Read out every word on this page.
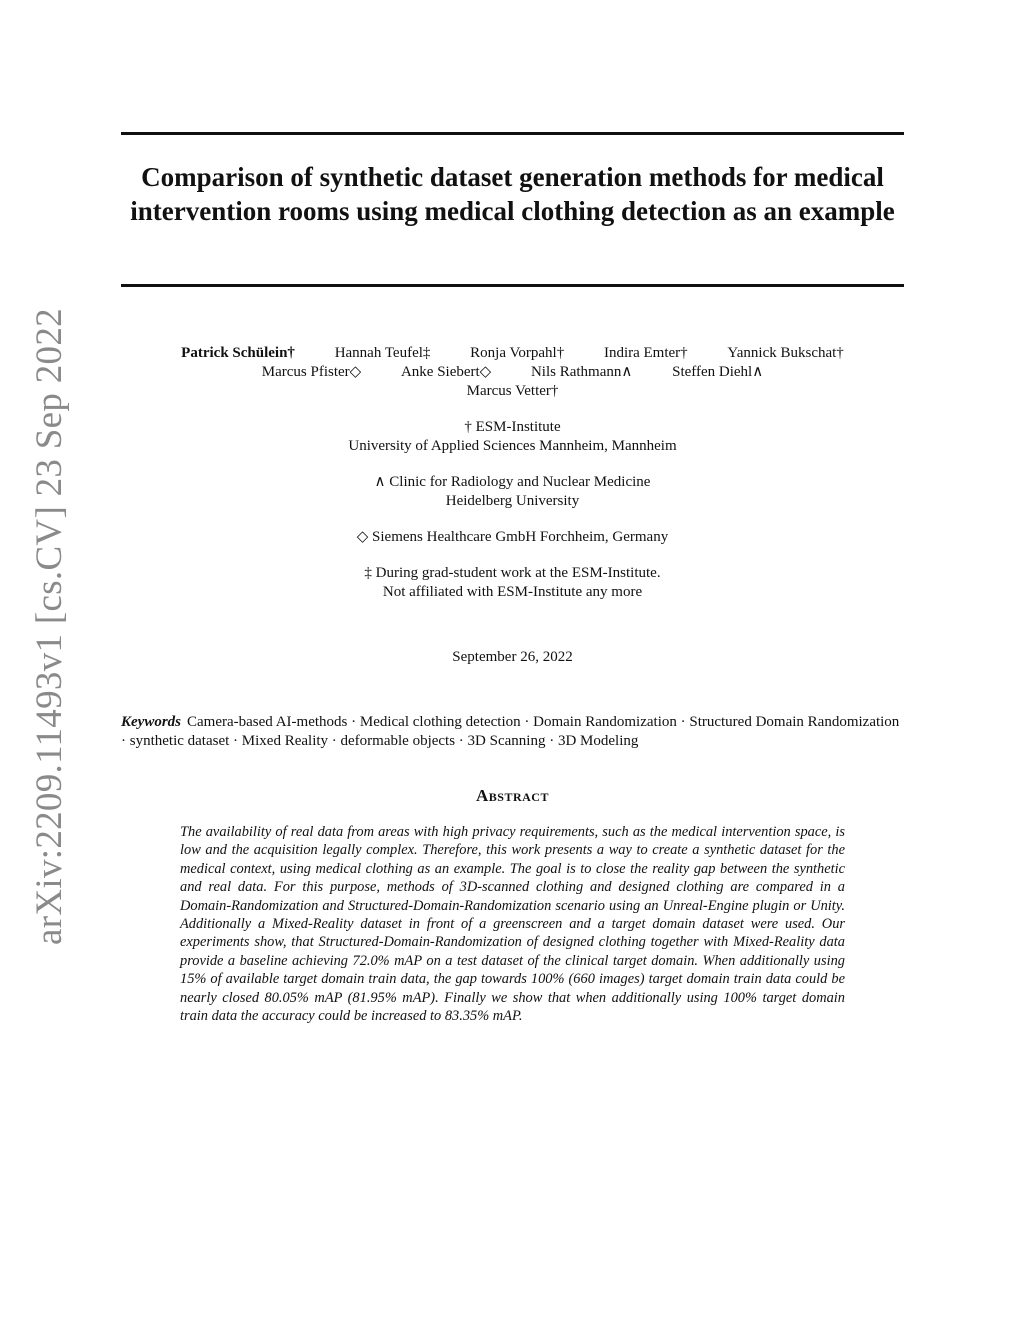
arXiv:2209.11493v1 [cs.CV] 23 Sep 2022
Comparison of synthetic dataset generation methods for medical intervention rooms using medical clothing detection as an example
Patrick Schülein†	Hannah Teufel‡	Ronja Vorpahl†	Indira Emter†	Yannick Bukschat†
Marcus Pfister◇	Anke Siebert◇	Nils Rathmann∧	Steffen Diehl∧
Marcus Vetter†
† ESM-Institute
University of Applied Sciences Mannheim, Mannheim
∧ Clinic for Radiology and Nuclear Medicine
Heidelberg University
◇ Siemens Healthcare GmbH Forchheim, Germany
‡ During grad-student work at the ESM-Institute.
Not affiliated with ESM-Institute any more
September 26, 2022
Keywords Camera-based AI-methods · Medical clothing detection · Domain Randomization · Structured Domain Randomization · synthetic dataset · Mixed Reality · deformable objects · 3D Scanning · 3D Modeling
Abstract
The availability of real data from areas with high privacy requirements, such as the medical intervention space, is low and the acquisition legally complex. Therefore, this work presents a way to create a synthetic dataset for the medical context, using medical clothing as an example. The goal is to close the reality gap between the synthetic and real data. For this purpose, methods of 3D-scanned clothing and designed clothing are compared in a Domain-Randomization and Structured-Domain-Randomization scenario using an Unreal-Engine plugin or Unity. Additionally a Mixed-Reality dataset in front of a greenscreen and a target domain dataset were used. Our experiments show, that Structured-Domain-Randomization of designed clothing together with Mixed-Reality data provide a baseline achieving 72.0% mAP on a test dataset of the clinical target domain. When additionally using 15% of available target domain train data, the gap towards 100% (660 images) target domain train data could be nearly closed 80.05% mAP (81.95% mAP). Finally we show that when additionally using 100% target domain train data the accuracy could be increased to 83.35% mAP.
